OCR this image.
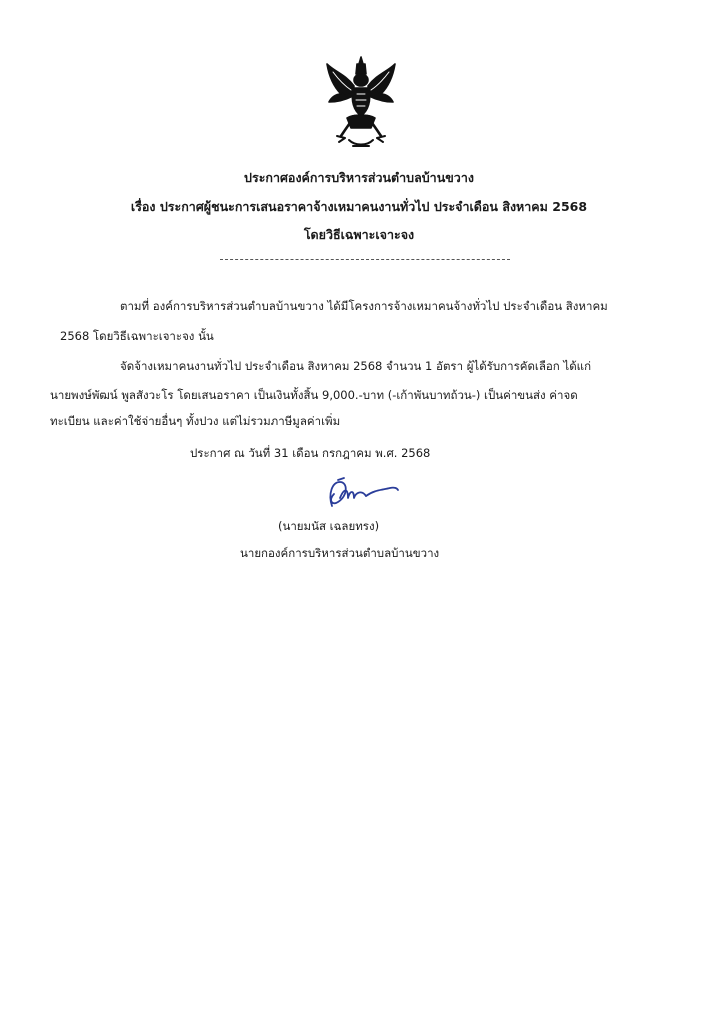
ประกาศองค์การบริหารส่วนตำบลบ้านขวาง
เรื่อง ประกาศผู้ชนะการเสนอราคาจ้างเหมาคนงานทั่วไป ประจำเดือน สิงหาคม 2568
โดยวิธีเฉพาะเจาะจง

ตามที่ องค์การบริหารส่วนตำบลบ้านขวาง ได้มีโครงการจ้างเหมาคนจ้างทั่วไป ประจำเดือน สิงหาคม

2568 โดยวิธีเฉพาะเจาะจง นั้น

จัดจ้างเหมาคนงานทั่วไป ประจำเดือน สิงหาคม 2568 จำนวน 1 อัตรา ผู้ได้รับการคัดเลือก ได้แก่

นายพงษ์พัฒน์ พูลสังวะโร โดยเสนอราคา เป็นเงินทั้งสิ้น 9,000.-บาท (-เก้าพันบาทถ้วน-) เป็นค่าขนส่ง ค่าจด

ทะเบียน และค่าใช้จ่ายอื่นๆ ทั้งปวง แต่ไม่รวมภาษีมูลค่าเพิ่ม

ประกาศ ณ วันที่ 31 เดือน กรกฎาคม พ.ศ. 2568

(นายมนัส เฉลยทรง)

นายกองค์การบริหารส่วนตำบลบ้านขวาง
